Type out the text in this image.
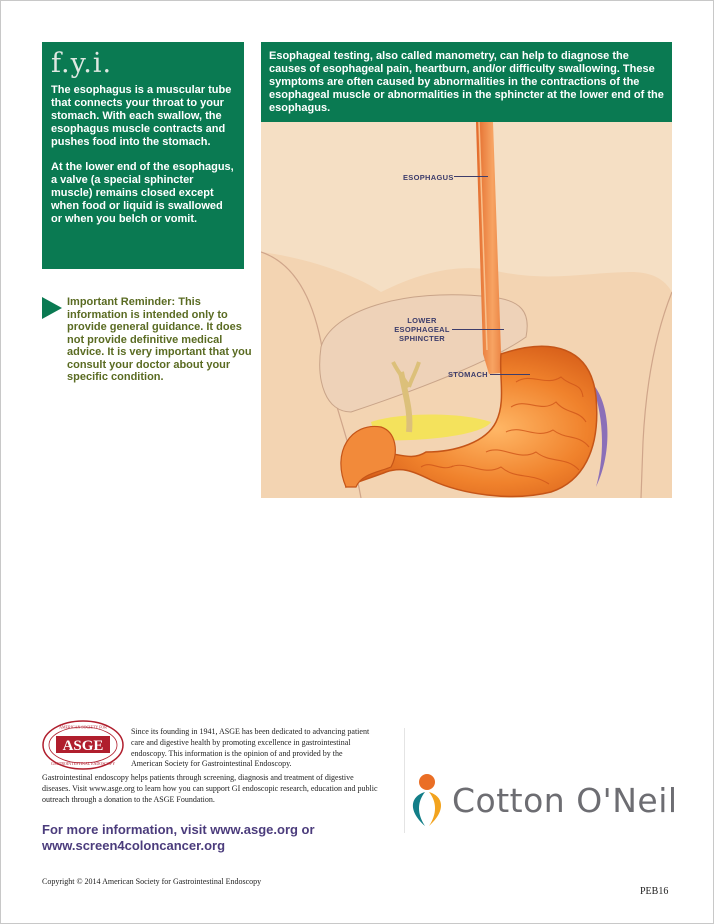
f.y.i.

The esophagus is a muscular tube that connects your throat to your stomach. With each swallow, the esophagus muscle contracts and pushes food into the stomach.

At the lower end of the esophagus, a valve (a special sphincter muscle) remains closed except when food or liquid is swallowed or when you belch or vomit.

Important Reminder: This information is intended only to provide general guidance. It does not provide definitive medical advice. It is very important that you consult your doctor about your specific condition.

Esophageal testing, also called manometry, can help to diagnose the causes of esophageal pain, heartburn, and/or difficulty swallowing. These symptoms are often caused by abnormalities in the contractions of the esophageal muscle or abnormalities in the sphincter at the lower end of the esophagus.
ESOPHAGUS
LOWER
ESOPHAGEAL
SPHINCTER
STOMACH
ASGE
AMERICAN SOCIETY FOR
GASTROINTESTINAL ENDOSCOPY

Since its founding in 1941, ASGE has been dedicated to advancing patient care and digestive health by promoting excellence in gastrointestinal endoscopy. This information is the opinion of and provided by the American Society for Gastrointestinal Endoscopy.

Gastrointestinal endoscopy helps patients through screening, diagnosis and treatment of digestive diseases. Visit www.asge.org to learn how you can support GI endoscopic research, education and public outreach through a donation to the ASGE Foundation.

For more information, visit www.asge.org or www.screen4coloncancer.org

Copyright © 2014 American Society for Gastrointestinal Endoscopy

PEB16

Cotton O'Neil
